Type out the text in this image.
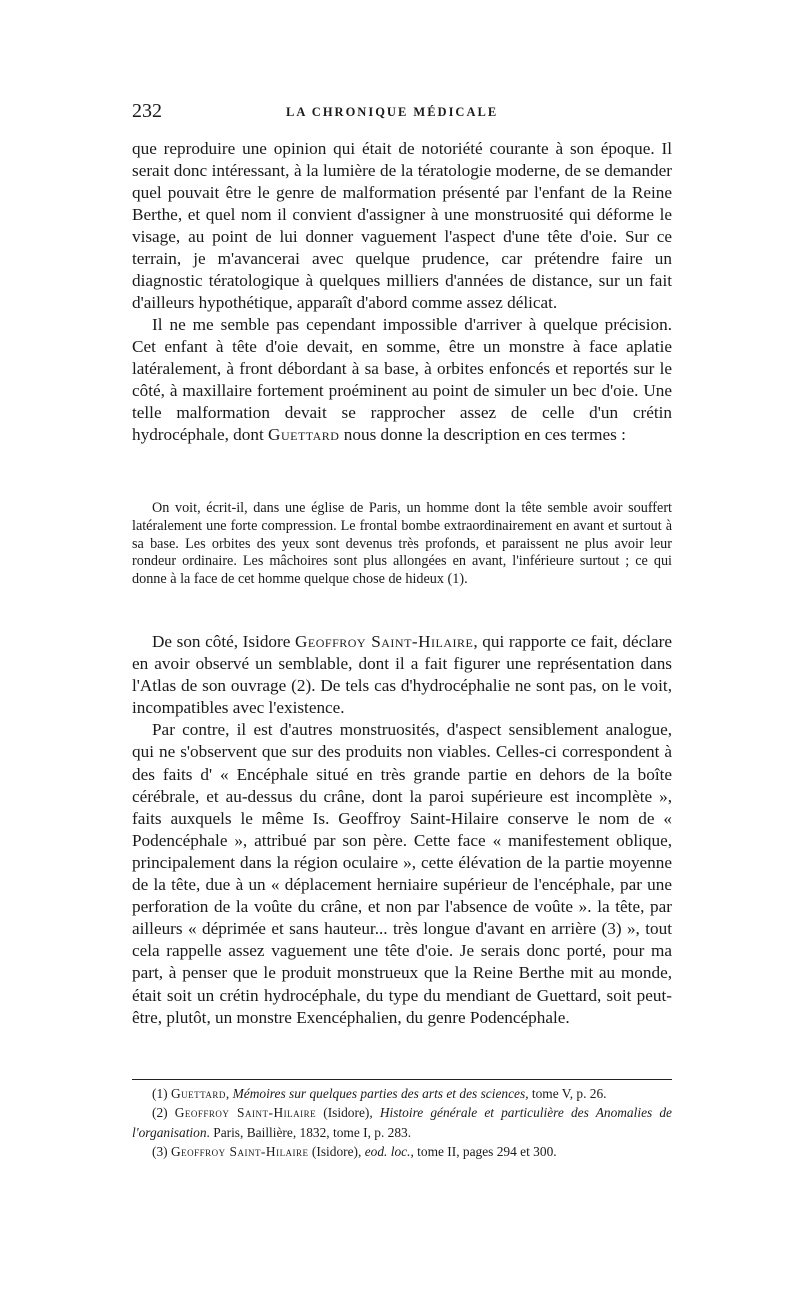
232	LA CHRONIQUE MÉDICALE

que reproduire une opinion qui était de notoriété courante à son époque. Il serait donc intéressant, à la lumière de la tératologie moderne, de se demander quel pouvait être le genre de malformation présenté par l'enfant de la Reine Berthe, et quel nom il convient d'assigner à une monstruosité qui déforme le visage, au point de lui donner vaguement l'aspect d'une tête d'oie. Sur ce terrain, je m'avancerai avec quelque prudence, car prétendre faire un diagnostic tératologique à quelques milliers d'années de distance, sur un fait d'ailleurs hypothétique, apparaît d'abord comme assez délicat.

Il ne me semble pas cependant impossible d'arriver à quelque précision. Cet enfant à tête d'oie devait, en somme, être un monstre à face aplatie latéralement, à front débordant à sa base, à orbites enfoncés et reportés sur le côté, à maxillaire fortement proéminent au point de simuler un bec d'oie. Une telle malformation devait se rapprocher assez de celle d'un crétin hydrocéphale, dont Guettard nous donne la description en ces termes :

On voit, écrit-il, dans une église de Paris, un homme dont la tête semble avoir souffert latéralement une forte compression. Le frontal bombe extraordinairement en avant et surtout à sa base. Les orbites des yeux sont devenus très profonds, et paraissent ne plus avoir leur rondeur ordinaire. Les mâchoires sont plus allongées en avant, l'inférieure surtout ; ce qui donne à la face de cet homme quelque chose de hideux (1).

De son côté, Isidore Geoffroy Saint-Hilaire, qui rapporte ce fait, déclare en avoir observé un semblable, dont il a fait figurer une représentation dans l'Atlas de son ouvrage (2). De tels cas d'hydrocéphalie ne sont pas, on le voit, incompatibles avec l'existence.

Par contre, il est d'autres monstruosités, d'aspect sensiblement analogue, qui ne s'observent que sur des produits non viables. Celles-ci correspondent à des faits d' « Encéphale situé en très grande partie en dehors de la boîte cérébrale, et au-dessus du crâne, dont la paroi supérieure est incomplète », faits auxquels le même Is. Geoffroy Saint-Hilaire conserve le nom de « Podencéphale », attribué par son père. Cette face « manifestement oblique, principalement dans la région oculaire », cette élévation de la partie moyenne de la tête, due à un « déplacement herniaire supérieur de l'encéphale, par une perforation de la voûte du crâne, et non par l'absence de voûte ». la tête, par ailleurs « déprimée et sans hauteur... très longue d'avant en arrière (3) », tout cela rappelle assez vaguement une tête d'oie. Je serais donc porté, pour ma part, à penser que le produit monstrueux que la Reine Berthe mit au monde, était soit un crétin hydrocéphale, du type du mendiant de Guettard, soit peut-être, plutôt, un monstre Exencéphalien, du genre Podencéphale.

(1) Guettard, Mémoires sur quelques parties des arts et des sciences, tome V, p. 26.

(2) Geoffroy Saint-Hilaire (Isidore), Histoire générale et particulière des Anomalies de l'organisation. Paris, Baillière, 1832, tome I, p. 283.

(3) Geoffroy Saint-Hilaire (Isidore), eod. loc., tome II, pages 294 et 300.
